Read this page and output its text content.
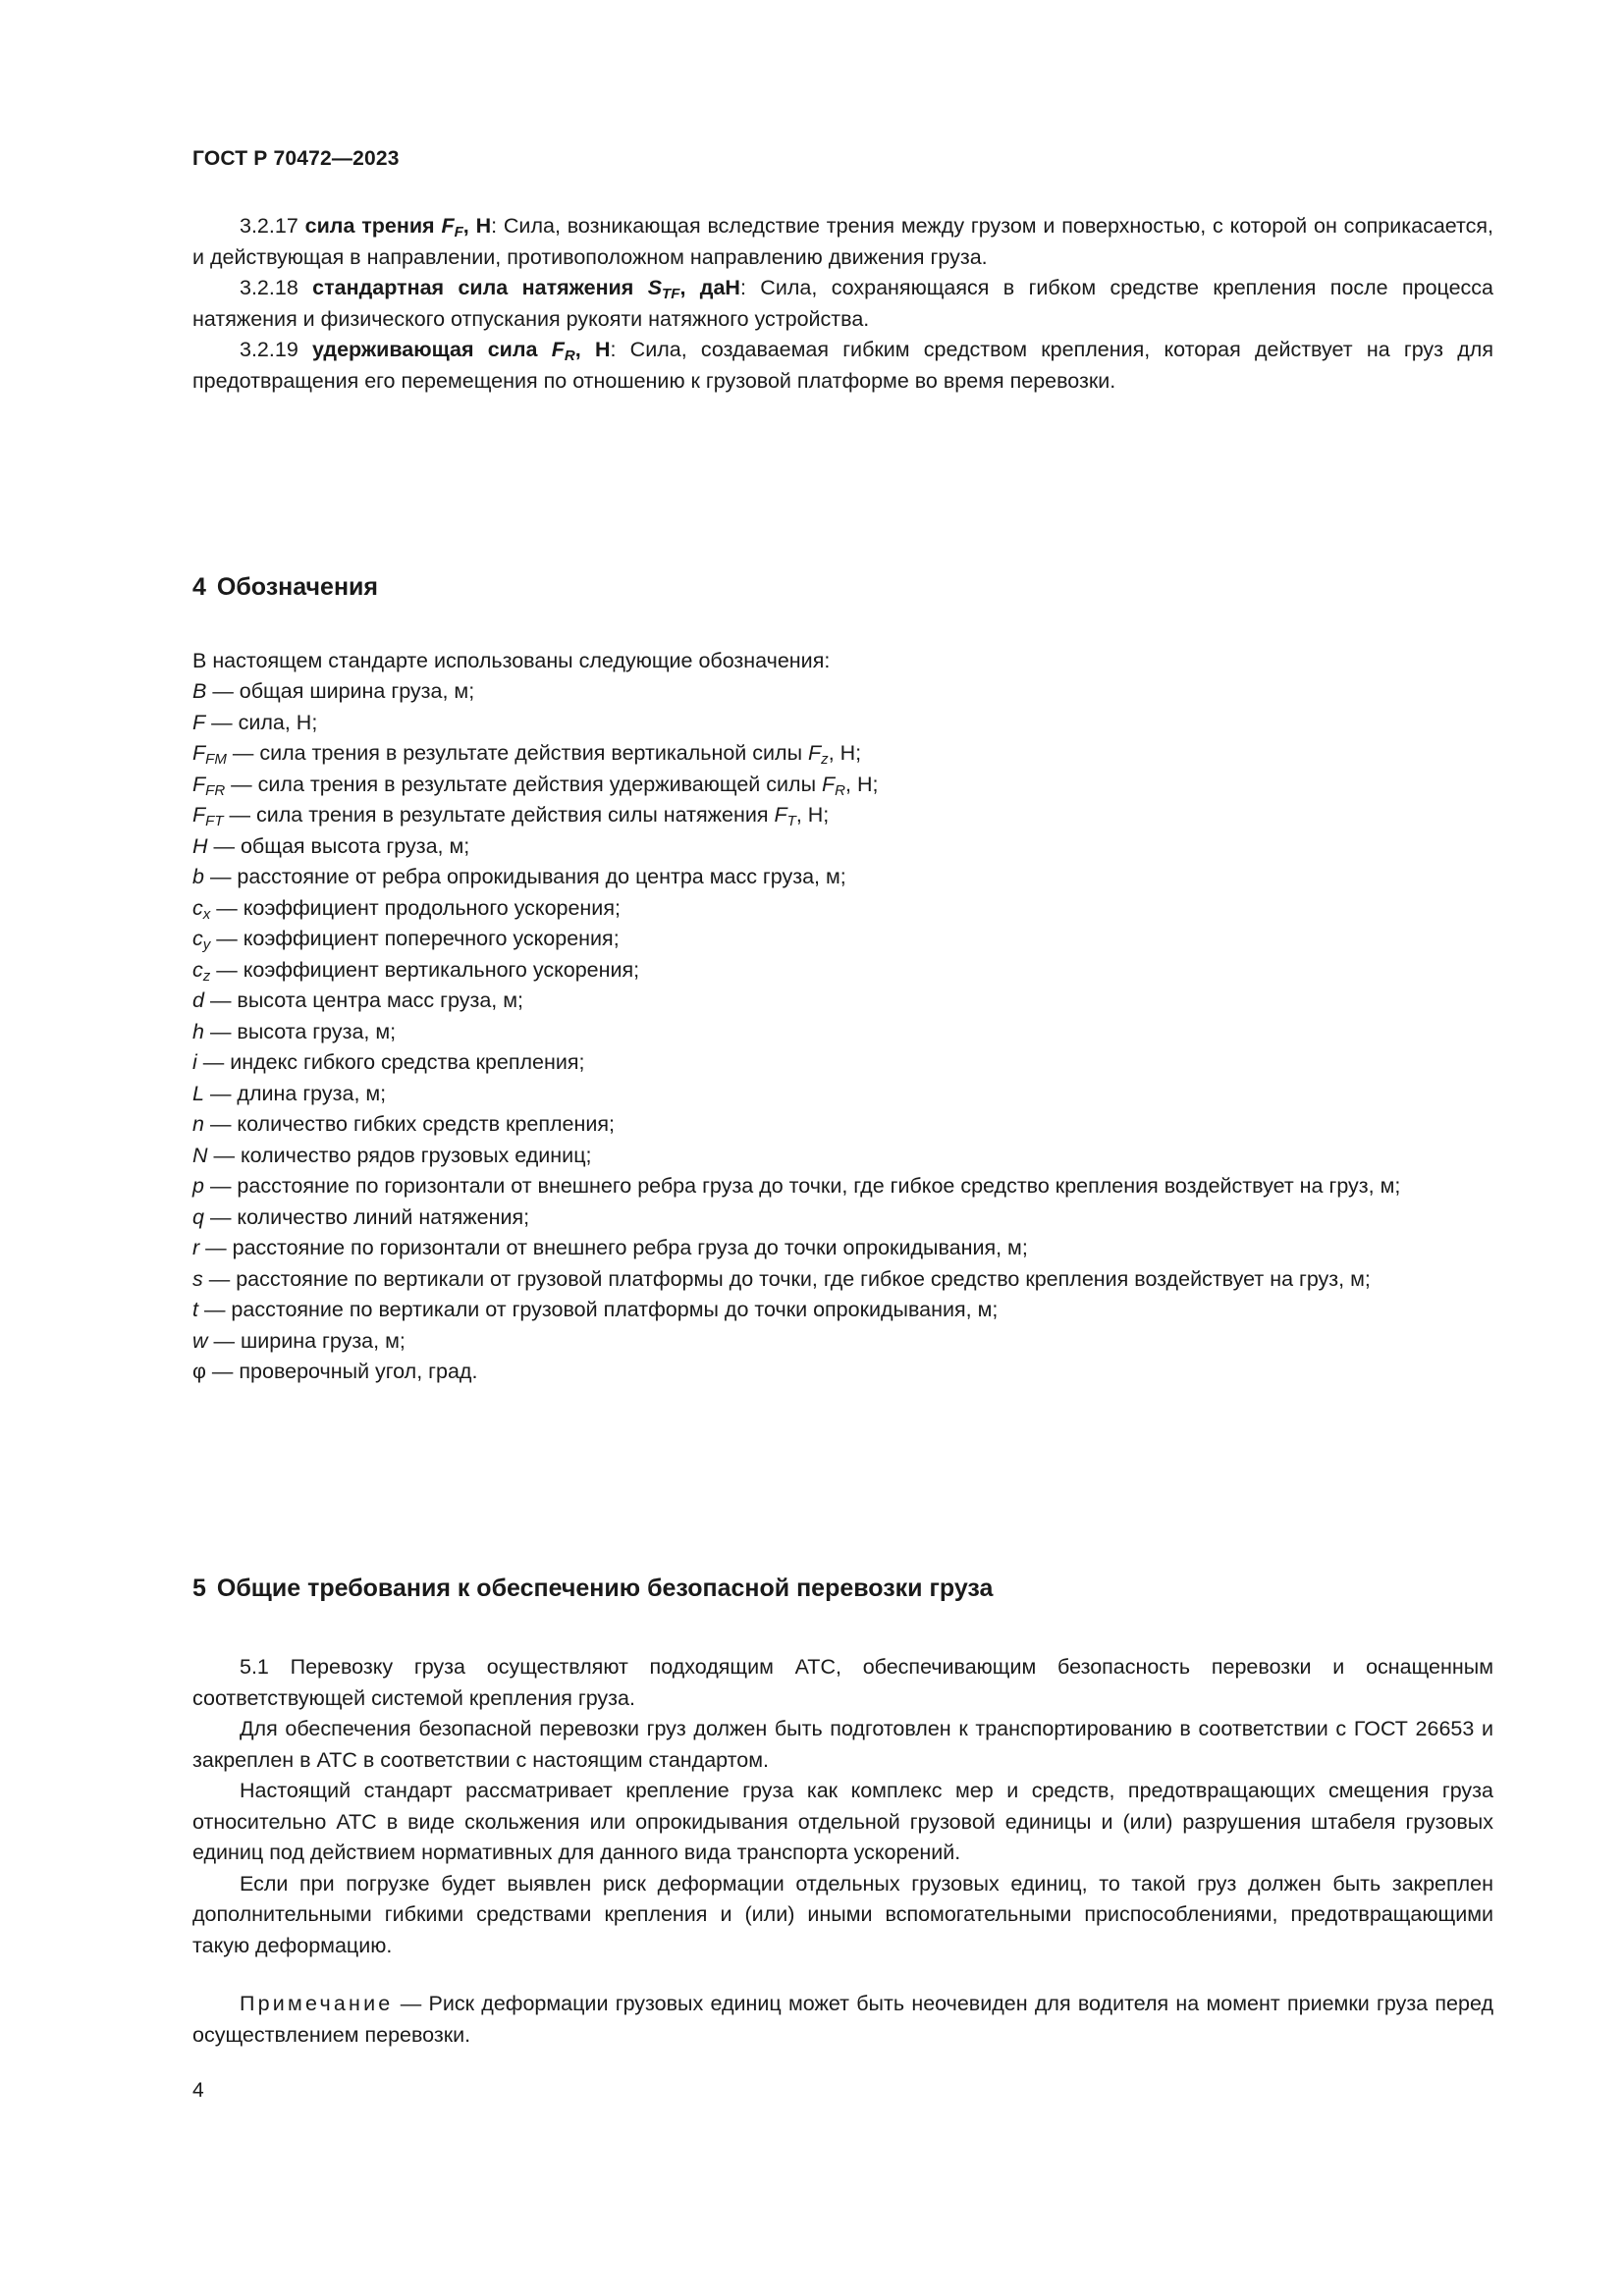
ГОСТ Р 70472—2023

3.2.17 сила трения $F_F$, Н: Сила, возникающая вследствие трения между грузом и поверхностью, с которой он соприкасается, и действующая в направлении, противоположном направлению движения груза.

3.2.18 стандартная сила натяжения $S_{TF}$, даН: Сила, сохраняющаяся в гибком средстве крепления после процесса натяжения и физического отпускания рукояти натяжного устройства.

3.2.19 удерживающая сила $F_R$, Н: Сила, создаваемая гибким средством крепления, которая действует на груз для предотвращения его перемещения по отношению к грузовой платформе во время перевозки.

4 Обозначения

В настоящем стандарте использованы следующие обозначения:

B — общая ширина груза, м;

F — сила, Н;

$F_{FM}$ — сила трения в результате действия вертикальной силы $F_z$, Н;

$F_{FR}$ — сила трения в результате действия удерживающей силы $F_R$, Н;

$F_{FT}$ — сила трения в результате действия силы натяжения $F_T$, Н;

H — общая высота груза, м;

b — расстояние от ребра опрокидывания до центра масс груза, м;

$c_x$ — коэффициент продольного ускорения;

$c_y$ — коэффициент поперечного ускорения;

$c_z$ — коэффициент вертикального ускорения;

d — высота центра масс груза, м;

h — высота груза, м;

i — индекс гибкого средства крепления;

L — длина груза, м;

n — количество гибких средств крепления;

N — количество рядов грузовых единиц;

p — расстояние по горизонтали от внешнего ребра груза до точки, где гибкое средство крепления воздействует на груз, м;

q — количество линий натяжения;

r — расстояние по горизонтали от внешнего ребра груза до точки опрокидывания, м;

s — расстояние по вертикали от грузовой платформы до точки, где гибкое средство крепления воздействует на груз, м;

t — расстояние по вертикали от грузовой платформы до точки опрокидывания, м;

w — ширина груза, м;

φ — проверочный угол, град.

5 Общие требования к обеспечению безопасной перевозки груза

5.1 Перевозку груза осуществляют подходящим АТС, обеспечивающим безопасность перевозки и оснащенным соответствующей системой крепления груза.

Для обеспечения безопасной перевозки груз должен быть подготовлен к транспортированию в соответствии с ГОСТ 26653 и закреплен в АТС в соответствии с настоящим стандартом.

Настоящий стандарт рассматривает крепление груза как комплекс мер и средств, предотвращающих смещения груза относительно АТС в виде скольжения или опрокидывания отдельной грузовой единицы и (или) разрушения штабеля грузовых единиц под действием нормативных для данного вида транспорта ускорений.

Если при погрузке будет выявлен риск деформации отдельных грузовых единиц, то такой груз должен быть закреплен дополнительными гибкими средствами крепления и (или) иными вспомогательными приспособлениями, предотвращающими такую деформацию.

Примечание — Риск деформации грузовых единиц может быть неочевиден для водителя на момент приемки груза перед осуществлением перевозки.

4
